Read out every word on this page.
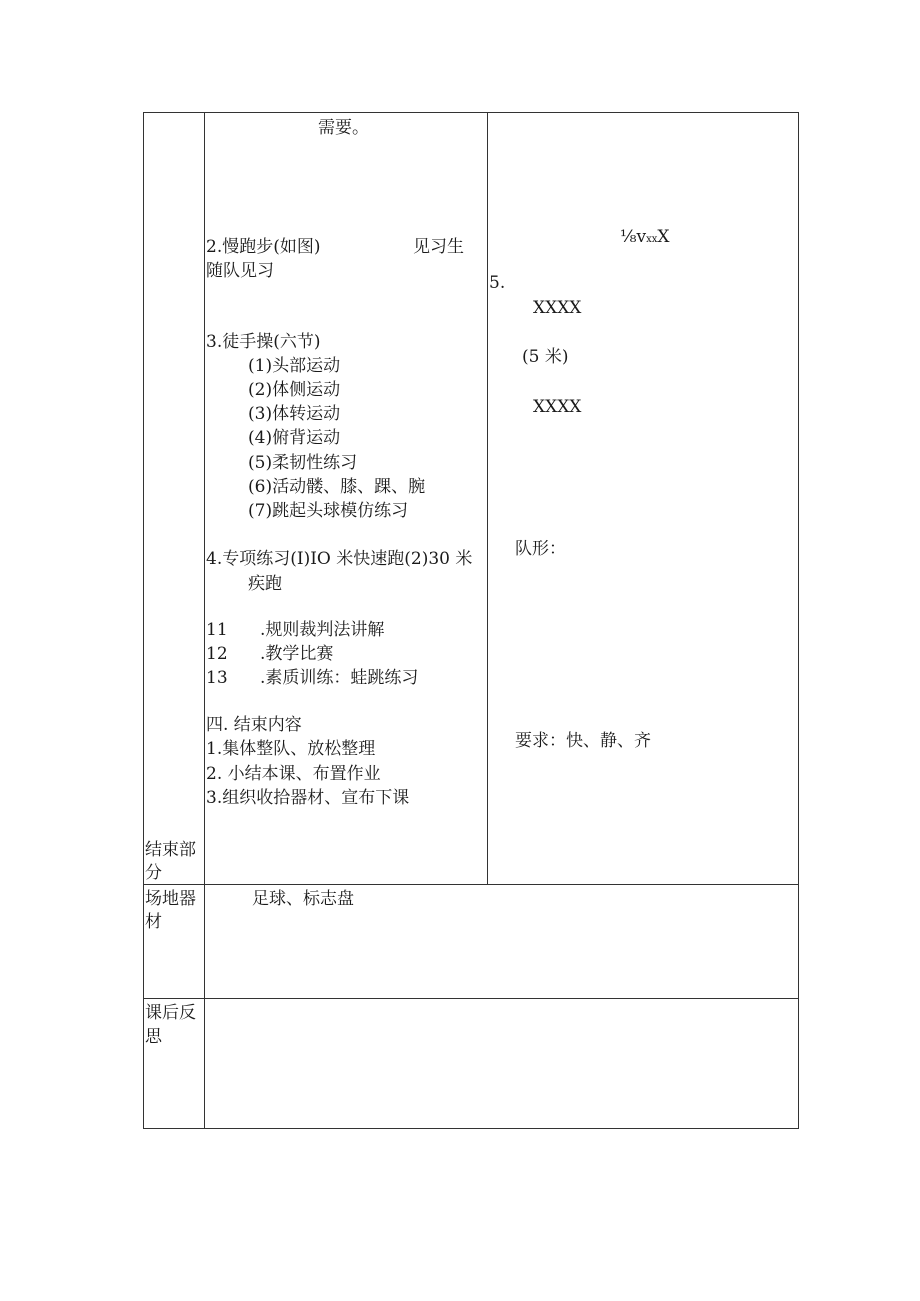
结束部
分
场地器
材
课后反
思
需要。
2.慢跑步(如图)	见习生
随队见习
3.徒手操(六节)
(1)头部运动
(2)体侧运动
(3)体转运动
(4)俯背运动
(5)柔韧性练习
(6)活动髅、膝、踝、腕
(7)跳起头球模仿练习
4.专项练习(I)IO 米快速跑(2)30 米
疾跑
11 .规则裁判法讲解
12 .教学比赛
13 .素质训练：蛙跳练习
四. 结束内容
1.集体整队、放松整理
2. 小结本课、布置作业
3.组织收拾器材、宣布下课
⅛vxxX
5.
XXXX
(5 米)
XXXX
队形：
要求：快、静、齐
足球、标志盘
